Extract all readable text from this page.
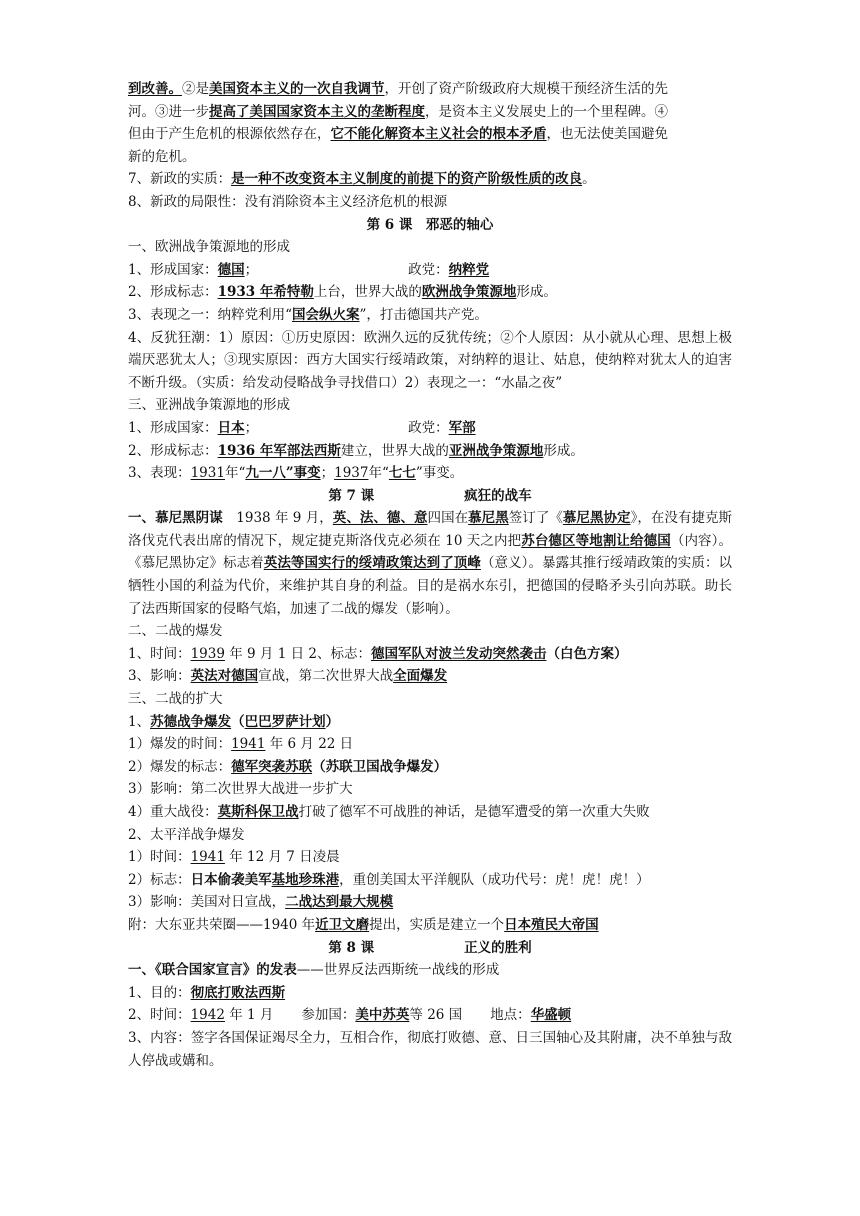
到改善。②是美国资本主义的一次自我调节，开创了资产阶级政府大规模干预经济生活的先
河。③进一步提高了美国国家资本主义的垄断程度，是资本主义发展史上的一个里程碑。④
但由于产生危机的根源依然存在，它不能化解资本主义社会的根本矛盾，也无法使美国避免
新的危机。
7、新政的实质：是一种不改变资本主义制度的前提下的资产阶级性质的改良。
8、新政的局限性：没有消除资本主义经济危机的根源
第 6 课　邪恶的轴心
一、欧洲战争策源地的形成
1、形成国家：德国；	政党：纳粹党
2、形成标志：1933 年希特勒上台，世界大战的欧洲战争策源地形成。
3、表现之一：纳粹党利用“国会纵火案”，打击德国共产党。
4、反犹狂潮：1）原因：①历史原因：欧洲久远的反犹传统；②个人原因：从小就从心理、思想上极端厌恶犹太人；③现实原因：西方大国实行绥靖政策，对纳粹的退让、姑息，使纳粹对犹太人的迫害不断升级。（实质：给发动侵略战争寻找借口）2）表现之一：“水晶之夜”
三、亚洲战争策源地的形成
1、形成国家：日本；	政党：军部
2、形成标志：1936 年军部法西斯建立，世界大战的亚洲战争策源地形成。
3、表现：1931年“九一八”事变；1937年“七七”事变。
第 7 课	疯狂的战车
一、慕尼黑阴谋　1938 年 9 月，英、法、德、意四国在慕尼黑签订了《慕尼黑协定》，在没有捷克斯洛伐克代表出席的情况下，规定捷克斯洛伐克必须在 10 天之内把苏台德区等地割让给德国（内容）。《慕尼黑协定》标志着英法等国实行的绥靖政策达到了顶峰（意义）。暴露其推行绥靖政策的实质：以牺牲小国的利益为代价，来维护其自身的利益。目的是祸水东引，把德国的侵略矛头引向苏联。助长了法西斯国家的侵略气焰，加速了二战的爆发（影响）。
二、二战的爆发
1、时间：1939 年 9 月 1 日 2、标志：德国军队对波兰发动突然袭击（白色方案）
3、影响：英法对德国宣战，第二次世界大战全面爆发
三、二战的扩大
1、苏德战争爆发（巴巴罗萨计划）
1）爆发的时间：1941 年 6 月 22 日
2）爆发的标志：德军突袭苏联（苏联卫国战争爆发）
3）影响：第二次世界大战进一步扩大
4）重大战役：莫斯科保卫战打破了德军不可战胜的神话，是德军遭受的第一次重大失败
2、太平洋战争爆发
1）时间：1941 年 12 月 7 日凌晨
2）标志：日本偷袭美军基地珍珠港，重创美国太平洋舰队（成功代号：虎！虎！虎！）
3）影响：美国对日宣战，二战达到最大规模
附：大东亚共荣圈——1940 年近卫文磨提出，实质是建立一个日本殖民大帝国
第 8 课	正义的胜利
一、《联合国家宣言》的发表——世界反法西斯统一战线的形成
1、目的：彻底打败法西斯
2、时间：1942 年 1 月 参加国：美中苏英等 26 国 地点：华盛顿
3、内容：签字各国保证竭尽全力，互相合作，彻底打败德、意、日三国轴心及其附庸，决不单独与敌人停战或媾和。
